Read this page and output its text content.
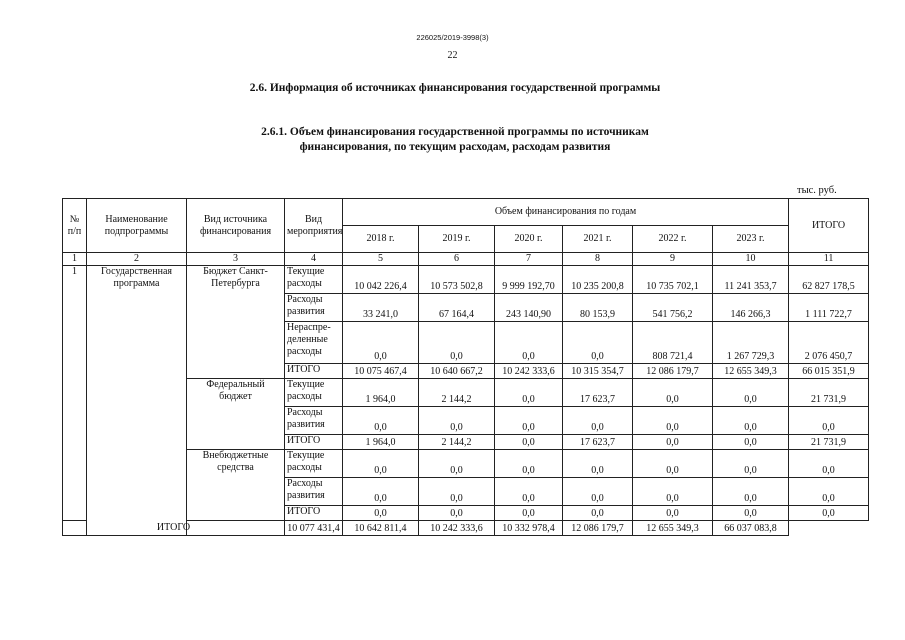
226025/2019-3998(3)
22
2.6. Информация об источниках финансирования государственной программы
2.6.1. Объем финансирования государственной программы по источникам финансирования, по текущим расходам, расходам развития
тыс. руб.
№ п/п	Наименование подпрограммы	Вид источника финансирования	Вид мероприятия	Объем финансирования по годам						ИТОГО
				2018 г.	2019 г.	2020 г.	2021 г.	2022 г.	2023 г.	
1	2	3	4	5	6	7	8	9	10	11
1	Государственная программа	Бюджет Санкт-Петербурга	Текущие расходы	10 042 226,4	10 573 502,8	9 999 192,70	10 235 200,8	10 735 702,1	11 241 353,7	62 827 178,5
			Расходы развития	33 241,0	67 164,4	243 140,90	80 153,9	541 756,2	146 266,3	1 111 722,7
			Нераспре-деленные расходы	0,0	0,0	0,0	0,0	808 721,4	1 267 729,3	2 076 450,7
			ИТОГО	10 075 467,4	10 640 667,2	10 242 333,6	10 315 354,7	12 086 179,7	12 655 349,3	66 015 351,9
		Федеральный бюджет	Текущие расходы	1 964,0	2 144,2	0,0	17 623,7	0,0	0,0	21 731,9
			Расходы развития	0,0	0,0	0,0	0,0	0,0	0,0	0,0
			ИТОГО	1 964,0	2 144,2	0,0	17 623,7	0,0	0,0	21 731,9
		Внебюджетные средства	Текущие расходы	0,0	0,0	0,0	0,0	0,0	0,0	0,0
			Расходы развития	0,0	0,0	0,0	0,0	0,0	0,0	0,0
			ИТОГО	0,0	0,0	0,0	0,0	0,0	0,0	0,0
ИТОГО			10 077 431,4	10 642 811,4	10 242 333,6	10 332 978,4	12 086 179,7	12 655 349,3	66 037 083,8	
